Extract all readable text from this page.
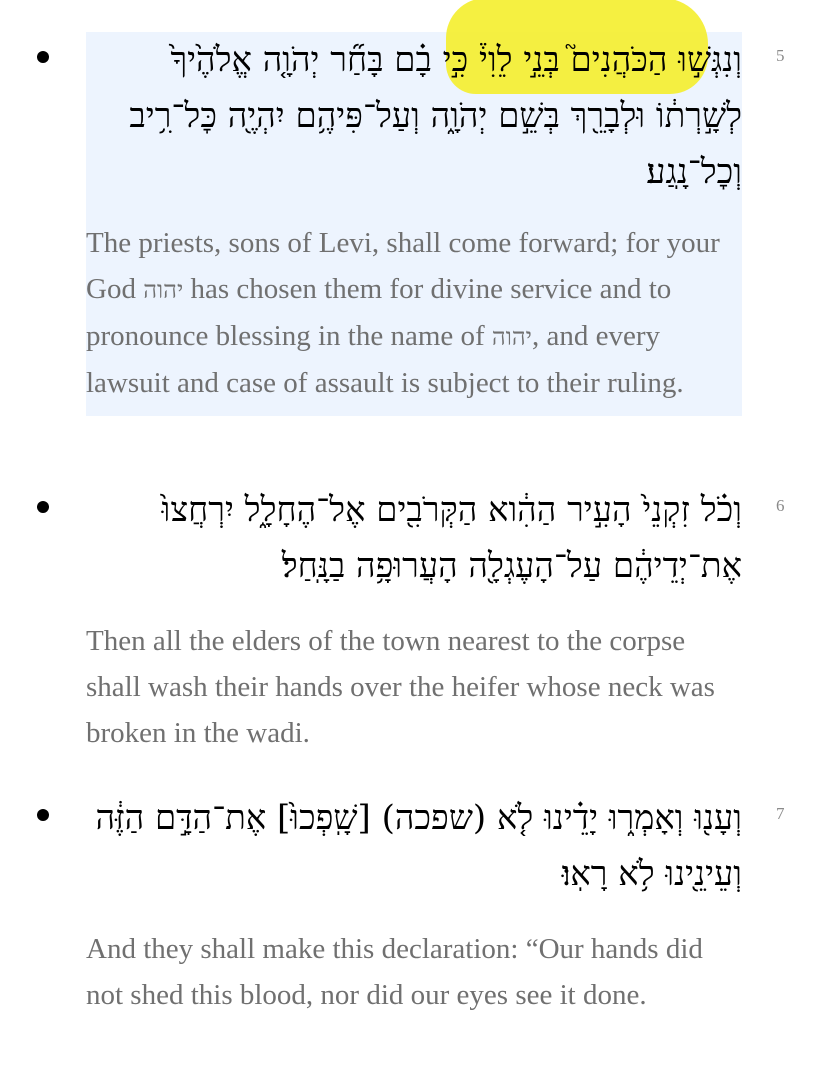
5

וְנִגְּשׁ֣וּ הַכֹּהֲנִים֮ בְּנֵ֣י לֵוִי֒ כִּ֣י בָ֗ם בָּחַ֞ר יְהֹוָ֤ה אֱלֹהֶ֙יךָ֙ לְשָׁ֣רְת֔וֹ וּלְבָרֵ֖ךְ בְּשֵׁ֣ם יְהֹוָ֑ה וְעַל־פִּיהֶ֥ם יִהְיֶ֖ה כׇּל־רִ֥יב וְכׇל־נָֽגַע׃

The priests, sons of Levi, shall come forward; for your God יהוה has chosen them for divine service and to pronounce blessing in the name of יהוה, and every lawsuit and case of assault is subject to their ruling.

6

וְכֹ֗ל זִקְנֵי֙ הָעִ֣יר הַהִ֔וא הַקְּרֹבִ֖ים אֶל־הֶחָלָ֑ל יִרְחֲצוּ֙ אֶת־יְדֵיהֶ֔ם עַל־הָעֶגְלָ֖ה הָעֲרוּפָ֥ה בַנָּֽחַל׃

Then all the elders of the town nearest to the corpse shall wash their hands over the heifer whose neck was broken in the wadi.

7

וְעָנ֖וּ וְאָמְר֑וּ יָדֵ֗ינוּ לֹ֤א (שפכה) [שָֽׁפְכוּ֙] אֶת־הַדָּ֣ם הַזֶּ֔ה וְעֵינֵ֖ינוּ לֹ֥א רָאֽוּ׃

And they shall make this declaration: “Our hands did not shed this blood, nor did our eyes see it done.
